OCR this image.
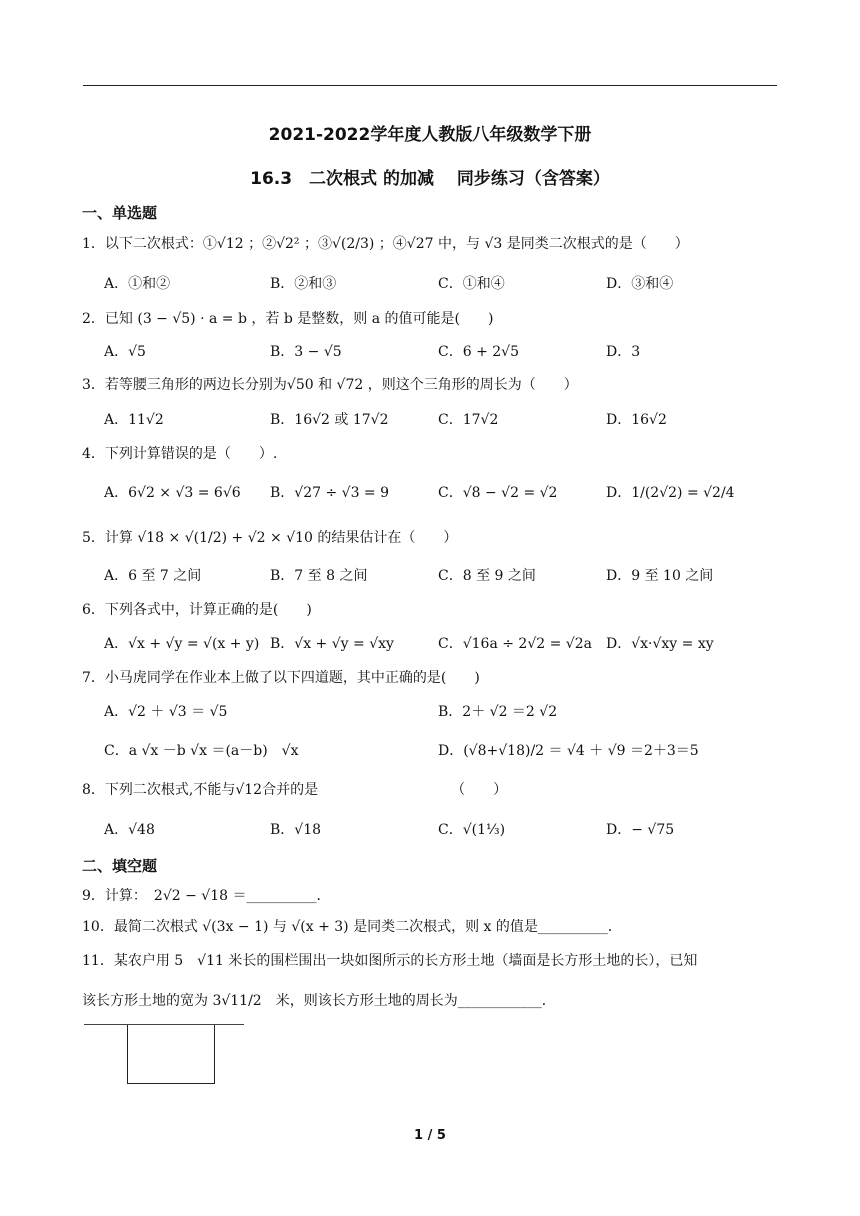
2021-2022学年度人教版八年级数学下册
16.3　二次根式 的加减　 同步练习（含答案）
一、单选题
1．以下二次根式：①√12 ；②√2² ；③√(2/3) ；④√27 中，与 √3 是同类二次根式的是（　　）
A．①和②	B．②和③	C．①和④	D．③和④
2．已知 (3 − √5) · a = b ，若 b 是整数，则 a 的值可能是(　　)
A．√5	B．3 − √5	C．6 + 2√5	D．3
3．若等腰三角形的两边长分别为√50 和 √72 ，则这个三角形的周长为（　　）
A．11√2	B．16√2 或 17√2	C．17√2	D．16√2
4．下列计算错误的是（　　）.
A．6√2 × √3 = 6√6 B．√27 ÷ √3 = 9	C．√8 − √2 = √2	D．1/(2√2) = √2/4
5．计算 √18 × √(1/2) + √2 × √10 的结果估计在（　　）
A．6 至 7 之间	B．7 至 8 之间	C．8 至 9 之间	D．9 至 10 之间
6．下列各式中，计算正确的是(　　)
A．√x + √y = √(x + y) B．√x + √y = √xy	C．√16a ÷ 2√2 = √2a D．√x·√xy = xy
7．小马虎同学在作业本上做了以下四道题，其中正确的是(　　)
A．√2 ＋ √3 ＝ √5	B．2＋ √2 ＝2 √2
C．a √x －b √x ＝(a－b)　√x	D．(√8+√18)/2 ＝ √4 ＋ √9 ＝2＋3＝5
8．下列二次根式,不能与√12合并的是　　　　　　　　　　（　　）
A．√48	B．√18	C．√(1⅓)	D．− √75
二、填空题
9．计算：　2√2 − √18 ＝__________．
10．最简二次根式 √(3x − 1) 与 √(x + 3) 是同类二次根式，则 x 的值是__________．
11．某农户用 5　√11 米长的围栏围出一块如图所示的长方形土地（墙面是长方形土地的长），已知
该长方形土地的宽为 3√11/2　米，则该长方形土地的周长为____________．
1 / 5
